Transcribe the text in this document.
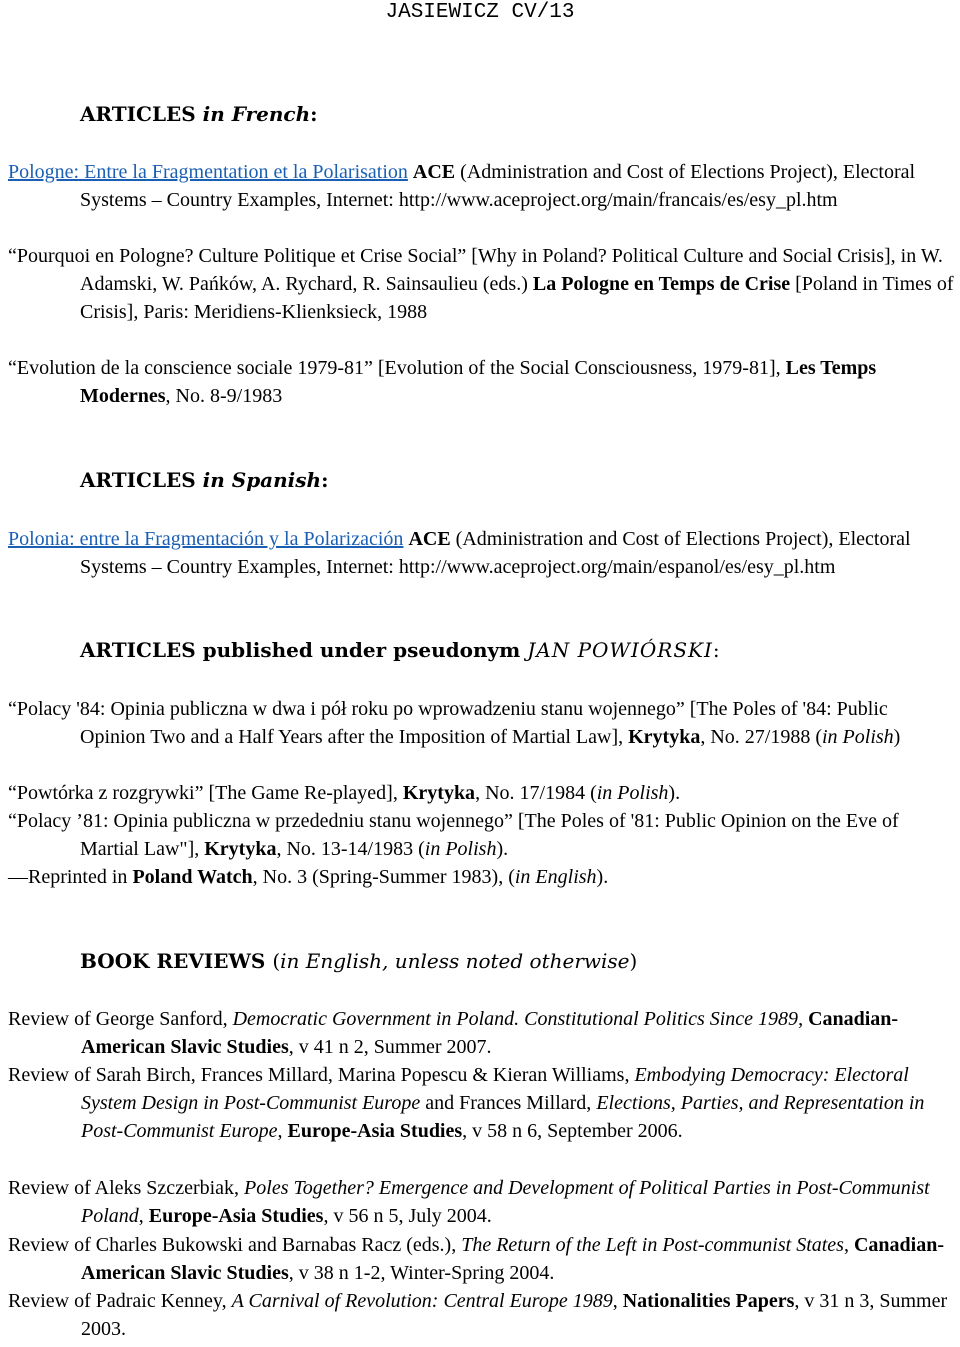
JASIEWICZ CV/13
ARTICLES in French:
Pologne: Entre la Fragmentation et la Polarisation ACE (Administration and Cost of Elections Project), Electoral Systems – Country Examples, Internet: http://www.aceproject.org/main/francais/es/esy_pl.htm
“Pourquoi en Pologne? Culture Politique et Crise Social” [Why in Poland? Political Culture and Social Crisis], in W. Adamski, W. Pańków, A. Rychard, R. Sainsaulieu (eds.) La Pologne en Temps de Crise [Poland in Times of Crisis], Paris: Meridiens-Klienksieck, 1988
“Evolution de la conscience sociale 1979-81” [Evolution of the Social Consciousness, 1979-81], Les Temps Modernes, No. 8-9/1983
ARTICLES in Spanish:
Polonia: entre la Fragmentación y la Polarización ACE (Administration and Cost of Elections Project), Electoral Systems – Country Examples, Internet: http://www.aceproject.org/main/espanol/es/esy_pl.htm
ARTICLES published under pseudonym JAN POWIÓRSKI:
“Polacy '84: Opinia publiczna w dwa i pół roku po wprowadzeniu stanu wojennego” [The Poles of '84: Public Opinion Two and a Half Years after the Imposition of Martial Law], Krytyka, No. 27/1988 (in Polish)
“Powtórka z rozgrywki” [The Game Re-played], Krytyka, No. 17/1984 (in Polish).
“Polacy ’81: Opinia publiczna w przededniu stanu wojennego” [The Poles of '81: Public Opinion on the Eve of Martial Law"], Krytyka, No. 13-14/1983 (in Polish).
—Reprinted in Poland Watch, No. 3 (Spring-Summer 1983), (in English).
BOOK REVIEWS (in English, unless noted otherwise)
Review of George Sanford, Democratic Government in Poland. Constitutional Politics Since 1989, Canadian-American Slavic Studies, v 41 n 2, Summer 2007.
Review of Sarah Birch, Frances Millard, Marina Popescu & Kieran Williams, Embodying Democracy: Electoral System Design in Post-Communist Europe and Frances Millard, Elections, Parties, and Representation in Post-Communist Europe, Europe-Asia Studies, v 58 n 6, September 2006.
Review of Aleks Szczerbiak, Poles Together? Emergence and Development of Political Parties in Post-Communist Poland, Europe-Asia Studies, v 56 n 5, July 2004.
Review of Charles Bukowski and Barnabas Racz (eds.), The Return of the Left in Post-communist States, Canadian-American Slavic Studies, v 38 n 1-2, Winter-Spring 2004.
Review of Padraic Kenney, A Carnival of Revolution: Central Europe 1989, Nationalities Papers, v 31 n 3, Summer 2003.
